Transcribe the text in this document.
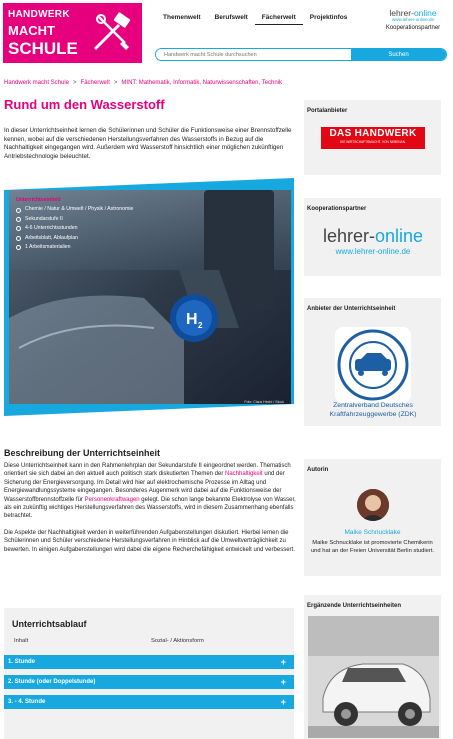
HANDWERK
MACHT
SCHULE
Themenwelt	Berufswelt	Fächerwelt	Projektinfos	lehrer-online
www.lehrer-online.de
Kooperationspartner
Handwerk macht Schule durchsuchen
Suchen
Handwerk macht Schule > Fächerwelt > MINT: Mathematik, Informatik, Naturwissenschaften, Technik
Rund um den Wasserstoff

In dieser Unterrichtseinheit lernen die Schülerinnen und Schüler die Funktionsweise einer Brennstoffzelle kennen, wobei auf die verschiedenen Herstellungsverfahren des Wasserstoffs in Bezug auf die Nachhaltigkeit eingegangen wird. Außerdem wird Wasserstoff hinsichtlich einer möglichen zukünftigen Antriebstechnologie beleuchtet.

H 2
Unterrichtseinheit
Chemie / Natur & Umwelt / Physik / Astronomie
Sekundarstufe II
4-6 Unterrichtsstunden
Arbeitsblatt, Ablaufplan
1 Arbeitsmaterialien
Foto: Claus Hecht / Stock
Beschreibung der Unterrichtseinheit

Diese Unterrichtseinheit kann in den Rahmenlehrplan der Sekundarstufe II eingeordnet werden. Thematisch orientiert sie sich dabei an den aktuell auch politisch stark diskutierten Themen der Nachhaltigkeit und der Sicherung der Energieversorgung. Im Detail wird hier auf elektrochemische Prozesse im Alltag und Energiewandlungssysteme eingegangen. Besonderes Augenmerk wird dabei auf die Funktionsweise der Wasserstoffbrennstoffzelle für Personenkraftwagen gelegt. Die schon lange bekannte Elektrolyse von Wasser, als ein zukünftig wichtiges Herstellungsverfahren des Wasserstoffs, wird in diesem Zusammenhang ebenfalls betrachtet.

Die Aspekte der Nachhaltigkeit werden in weiterführenden Aufgabenstellungen diskutiert. Hierbei lernen die Schülerinnen und Schüler verschiedene Herstellungsverfahren in Hinblick auf die Umweltverträglichkeit zu bewerten. In einigen Aufgabenstellungen wird dabei die eigene Recherchefähigkeit entwickelt und verbessert.

Unterrichtsablauf
Inhalt	Sozial- / Aktionsform
1. Stunde	+
2. Stunde (oder Doppelstunde)	+
3. - 4. Stunde	+
Portalanbieter
DAS HANDWERK
DIE WIRTSCHAFTSMACHT. VON NEBENAN.
Kooperationspartner
lehrer-online
www.lehrer-online.de
Anbieter der Unterrichtseinheit
Zentralverband Deutsches Kraftfahrzeuggewerbe (ZDK)
Autorin
Maike Schnucklake
Maike Schnucklake ist promovierte Chemikerin und hat an der Freien Universität Berlin studiert.
Ergänzende Unterrichtseinheiten
